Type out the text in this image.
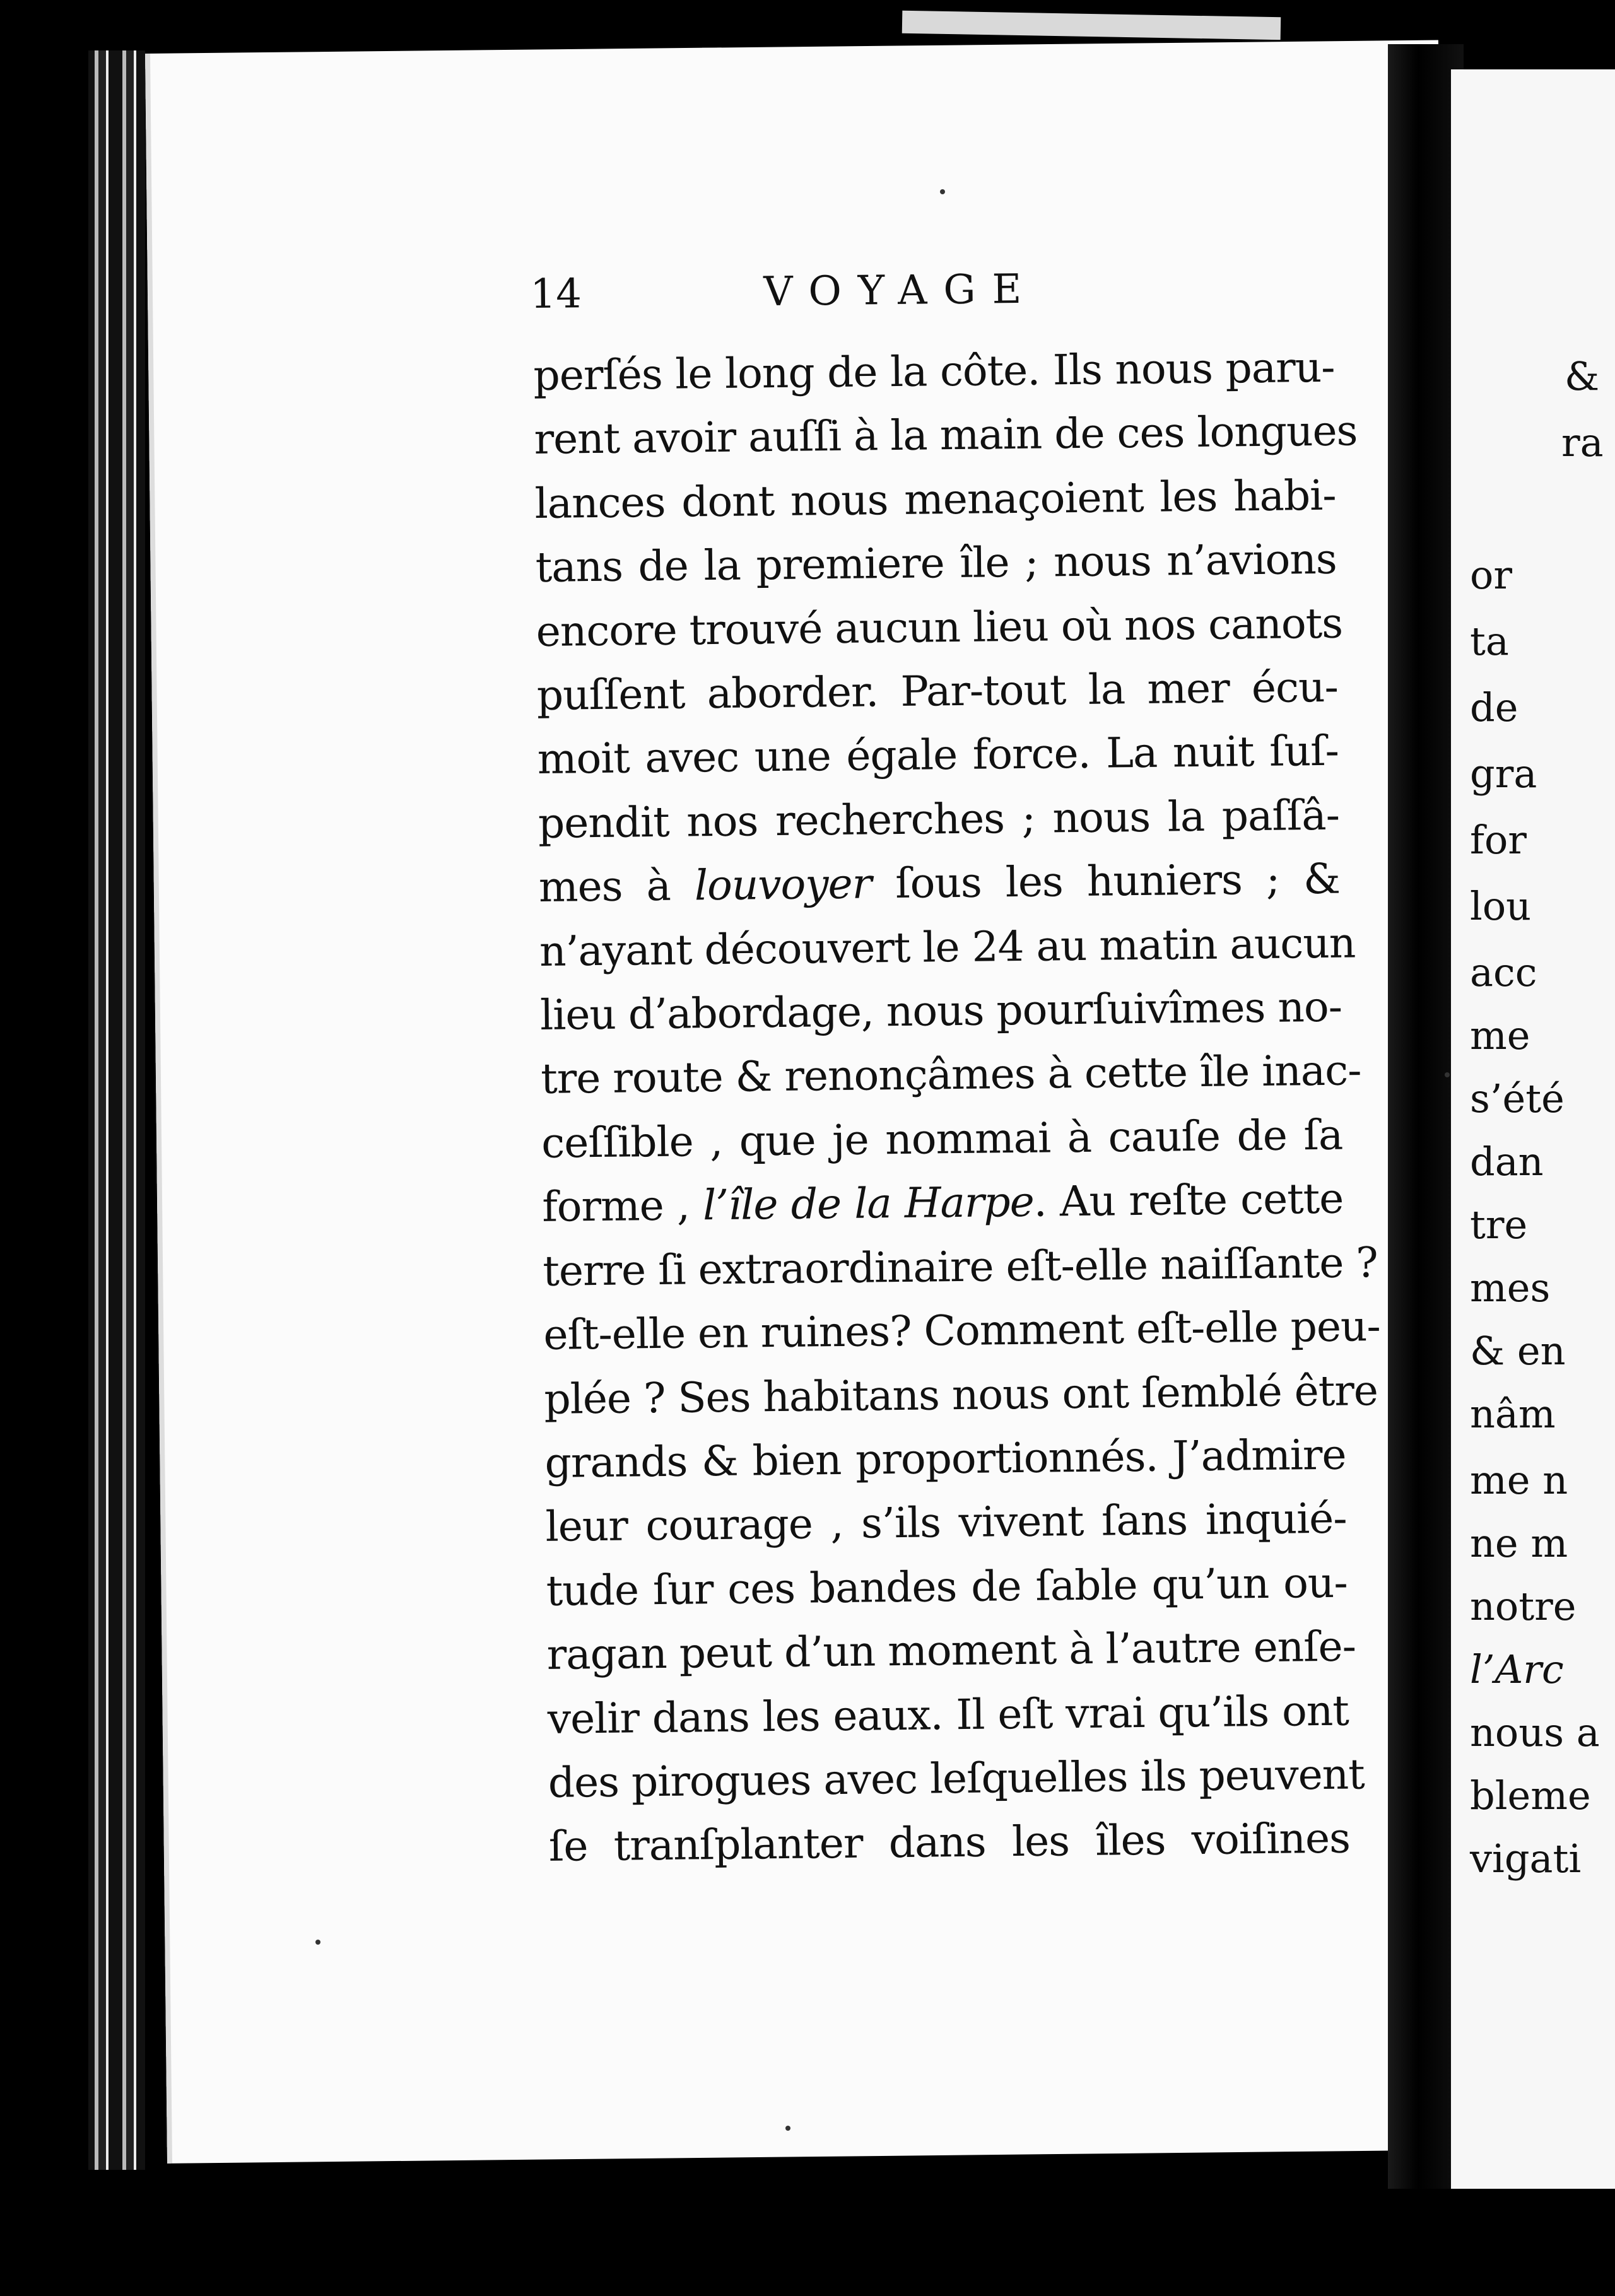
14	VOYAGE
perſés le long de la côte. Ils nous paru-
rent avoir auſſi à la main de ces longues
lances dont nous menaçoient les habi-
tans de la premiere île ; nous n’avions
encore trouvé aucun lieu où nos canots
puſſent aborder. Par-tout la mer écu-
moit avec une égale force. La nuit ſuſ-
pendit nos recherches ; nous la paſſâ-
mes à louvoyer ſous les huniers ; &
n’ayant découvert le 24 au matin aucun
lieu d’abordage, nous pourſuivîmes no-
tre route & renonçâmes à cette île inac-
ceſſible , que je nommai à cauſe de ſa
forme , l’île de la Harpe. Au reſte cette
terre ſi extraordinaire eſt-elle naiſſante ?
eſt-elle en ruines? Comment eſt-elle peu-
plée ? Ses habitans nous ont ſemblé être
grands & bien proportionnés. J’admire
leur courage , s’ils vivent ſans inquié-
tude ſur ces bandes de ſable qu’un ou-
ragan peut d’un moment à l’autre enſe-
velir dans les eaux. Il eſt vrai qu’ils ont
des pirogues avec leſquelles ils peuvent
ſe tranſplanter dans les îles voiſines
&
ra
or
ta
de
gra
for
lou
acc
me
s’été
dan
tre
mes
& en
nâm
me n
ne m
notre
l’Arc
nous a
bleme
vigati
